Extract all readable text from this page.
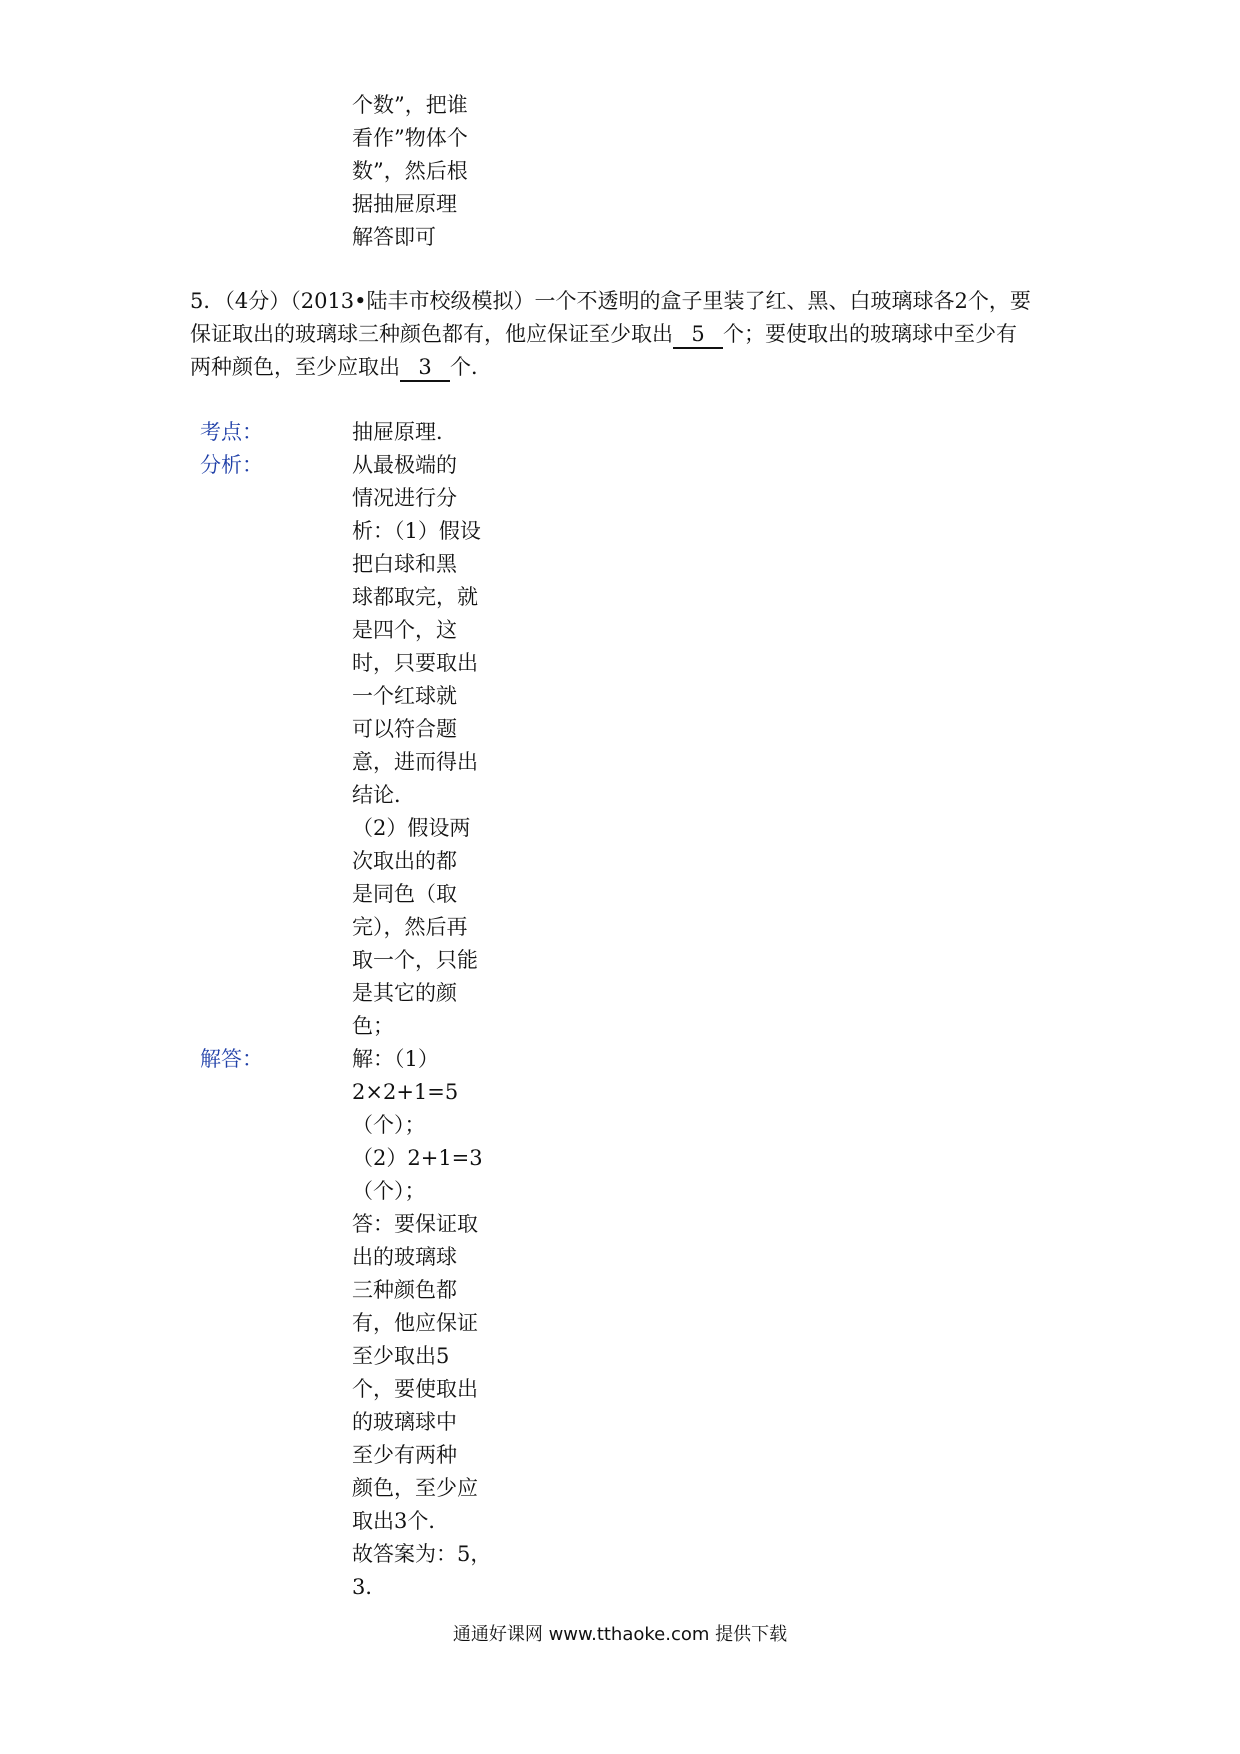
个数”，把谁
看作”物体个
数”，然后根
据抽屉原理
解答即可
5．（4分）（2013•陆丰市校级模拟）一个不透明的盒子里装了红、黑、白玻璃球各2个，要
保证取出的玻璃球三种颜色都有，他应保证至少取出 5 个；要使取出的玻璃球中至少有
两种颜色，至少应取出 3 个．
考点：	抽屉原理．
分析：	从最极端的
情况进行分
析：（1）假设
把白球和黑
球都取完，就
是四个，这
时，只要取出
一个红球就
可以符合题
意，进而得出
结论．
（2）假设两
次取出的都
是同色（取
完），然后再
取一个，只能
是其它的颜
色；
解答：	解：（1）
2×2+1=5
（个）；
（2）2+1=3
（个）；
答：要保证取
出的玻璃球
三种颜色都
有，他应保证
至少取出5
个，要使取出
的玻璃球中
至少有两种
颜色，至少应
取出3个．
故答案为：5，
3．
通通好课网 www.tthaoke.com 提供下载
